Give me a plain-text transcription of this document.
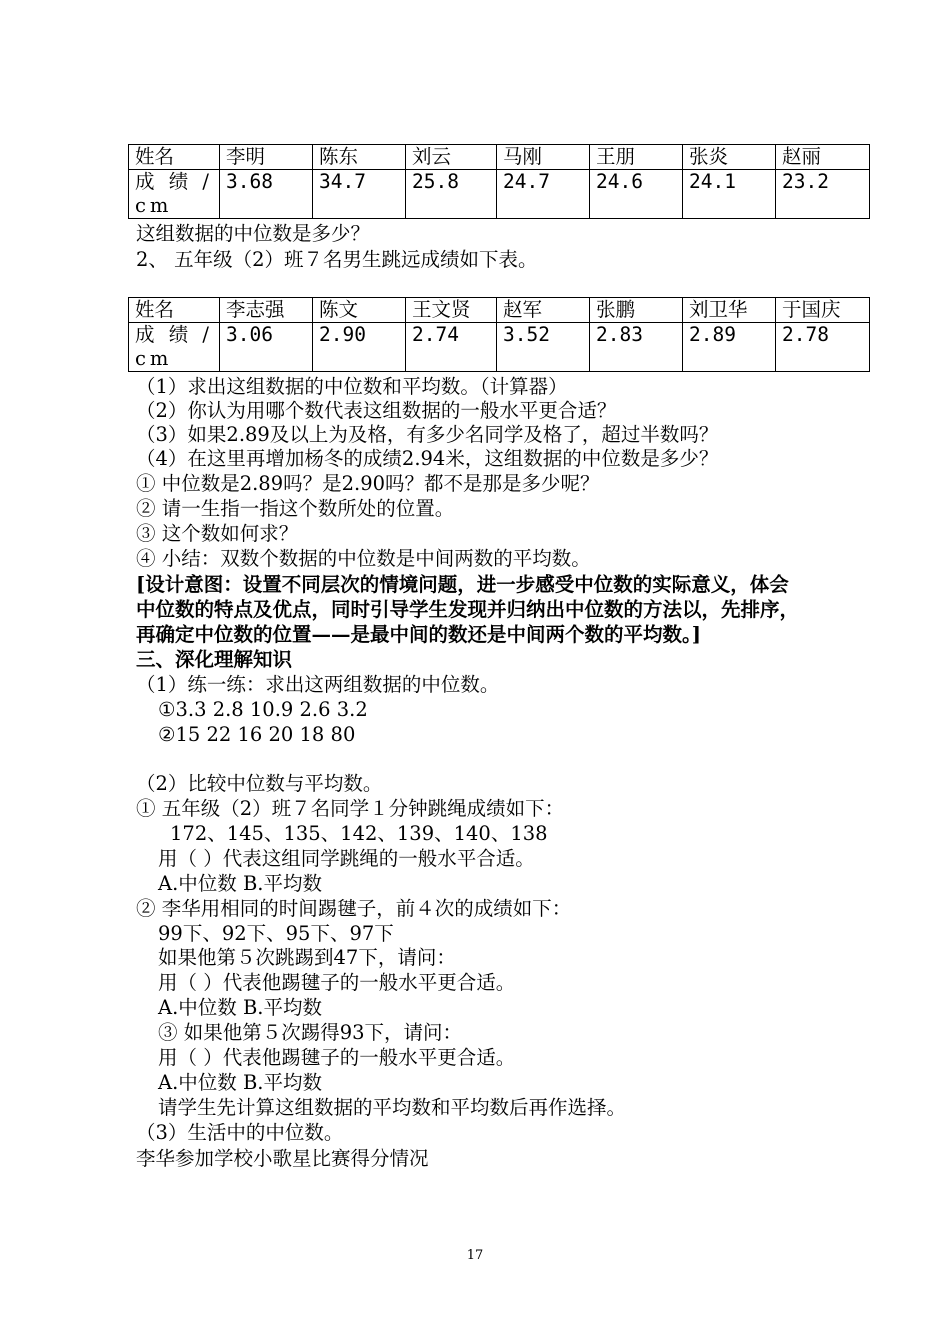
姓名	李明	陈东	刘云	马刚	王朋	张炎	赵丽
成 绩 / cm	3.68	34.7	25.8	24.7	24.6	24.1	23.2
这组数据的中位数是多少？
2、 五年级（2）班７名男生跳远成绩如下表。
姓名	李志强	陈文	王文贤	赵军	张鹏	刘卫华	于国庆
成 绩 / cm	3.06	2.90	2.74	3.52	2.83	2.89	2.78
（1）求出这组数据的中位数和平均数。（计算器）
（2）你认为用哪个数代表这组数据的一般水平更合适？
（3）如果2.89及以上为及格，有多少名同学及格了，超过半数吗？
（4）在这里再增加杨冬的成绩2.94米，这组数据的中位数是多少？
① 中位数是2.89吗？是2.90吗？都不是那是多少呢？
② 请一生指一指这个数所处的位置。
③ 这个数如何求？
④ 小结：双数个数据的中位数是中间两数的平均数。
[设计意图：设置不同层次的情境问题，进一步感受中位数的实际意义，体会
中位数的特点及优点，同时引导学生发现并归纳出中位数的方法以，先排序，
再确定中位数的位置——是最中间的数还是中间两个数的平均数。]
三、深化理解知识
（1）练一练：求出这两组数据的中位数。
①3.3 2.8 10.9 2.6 3.2
②15 22 16 20 18 80
（2）比较中位数与平均数。
① 五年级（2）班７名同学１分钟跳绳成绩如下：
172、145、135、142、139、140、138
用（ ）代表这组同学跳绳的一般水平合适。
A.中位数 B.平均数
② 李华用相同的时间踢毽子，前４次的成绩如下：
99下、92下、95下、97下
如果他第５次跳踢到47下，请问：
用（ ）代表他踢毽子的一般水平更合适。
A.中位数 B.平均数
③ 如果他第５次踢得93下，请问：
用（ ）代表他踢毽子的一般水平更合适。
A.中位数 B.平均数
请学生先计算这组数据的平均数和平均数后再作选择。
（3）生活中的中位数。
李华参加学校小歌星比赛得分情况
17
